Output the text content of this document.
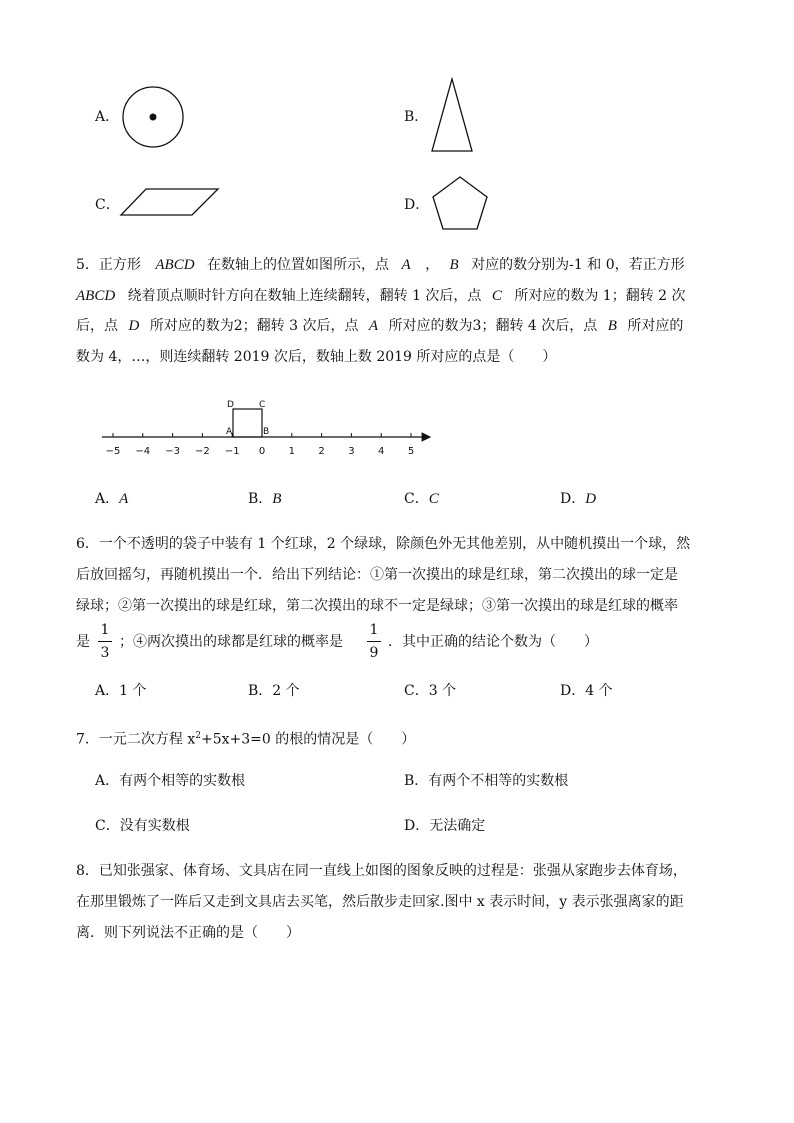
A．	B．
C．	D．
5．正方形 ABCD 在数轴上的位置如图所示，点 A ， B 对应的数分别为-1 和 0，若正方形
ABCD 绕着顶点顺时针方向在数轴上连续翻转，翻转 1 次后，点 C 所对应的数为 1；翻转 2 次
后，点 D 所对应的数为2；翻转 3 次后，点 A 所对应的数为3；翻转 4 次后，点 B 所对应的
数为 4，…，则连续翻转 2019 次后，数轴上数 2019 所对应的点是（　　）
−5 −4 −3 −2 −1 0 1 2 3 4 5
D	C
A	B
A．A	B．B	C．C	D．D
6．一个不透明的袋子中装有 1 个红球，2 个绿球，除颜色外无其他差别，从中随机摸出一个球，然
后放回摇匀，再随机摸出一个．给出下列结论：①第一次摸出的球是红球，第二次摸出的球一定是
绿球；②第一次摸出的球是红球，第二次摸出的球不一定是绿球；③第一次摸出的球是红球的概率
是
1
3
；④两次摸出的球都是红球的概率是
1
9
．其中正确的结论个数为（　　）
A．1 个	B．2 个	C．3 个	D．4 个
7．一元二次方程 $x^2+5x+3=0$ 的根的情况是（　　）
A．有两个相等的实数根	B．有两个不相等的实数根
C．没有实数根	D．无法确定
8．已知张强家、体育场、文具店在同一直线上如图的图象反映的过程是：张强从家跑步去体育场，
在那里锻炼了一阵后又走到文具店去买笔，然后散步走回家.图中 x 表示时间，y 表示张强离家的距
离．则下列说法不正确的是（　　）
